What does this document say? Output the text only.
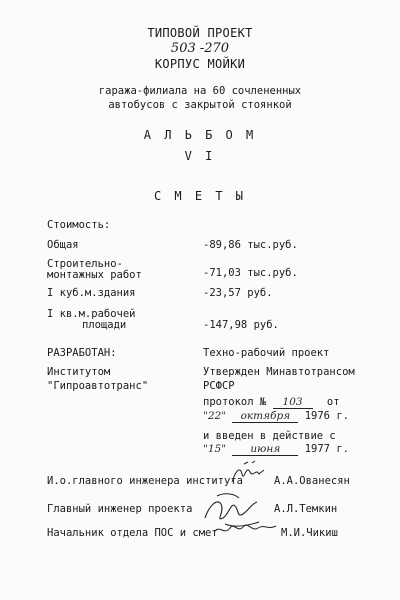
ТИПОВОЙ ПРОЕКТ
503 -270
КОРПУС МОЙКИ
гаража-филиала на 60 сочлененных
автобусов с закрытой стоянкой
А Л Ь Б О М
V I
С М Е Т Ы
Стоимость:
Общая	-89,86 тыс.руб.
Строительно-
монтажных работ	-71,03 тыс.руб.
I куб.м.здания	-23,57 руб.
I кв.м.рабочей
площади	-147,98 руб.
РАЗРАБОТАН:
Институтом
"Гипроавтотранс"
Техно-рабочий проект
Утвержден Минавтотрансом
РСФСР
протокол № 103 от
"22" октября 1976 г.
и введен в действие с
"15" июня 1977 г.
И.о.главного инженера института	А.А.Ованесян
Главный инженер проекта	А.Л.Темкин
Начальник отдела ПОС и смет	М.И.Чикиш
